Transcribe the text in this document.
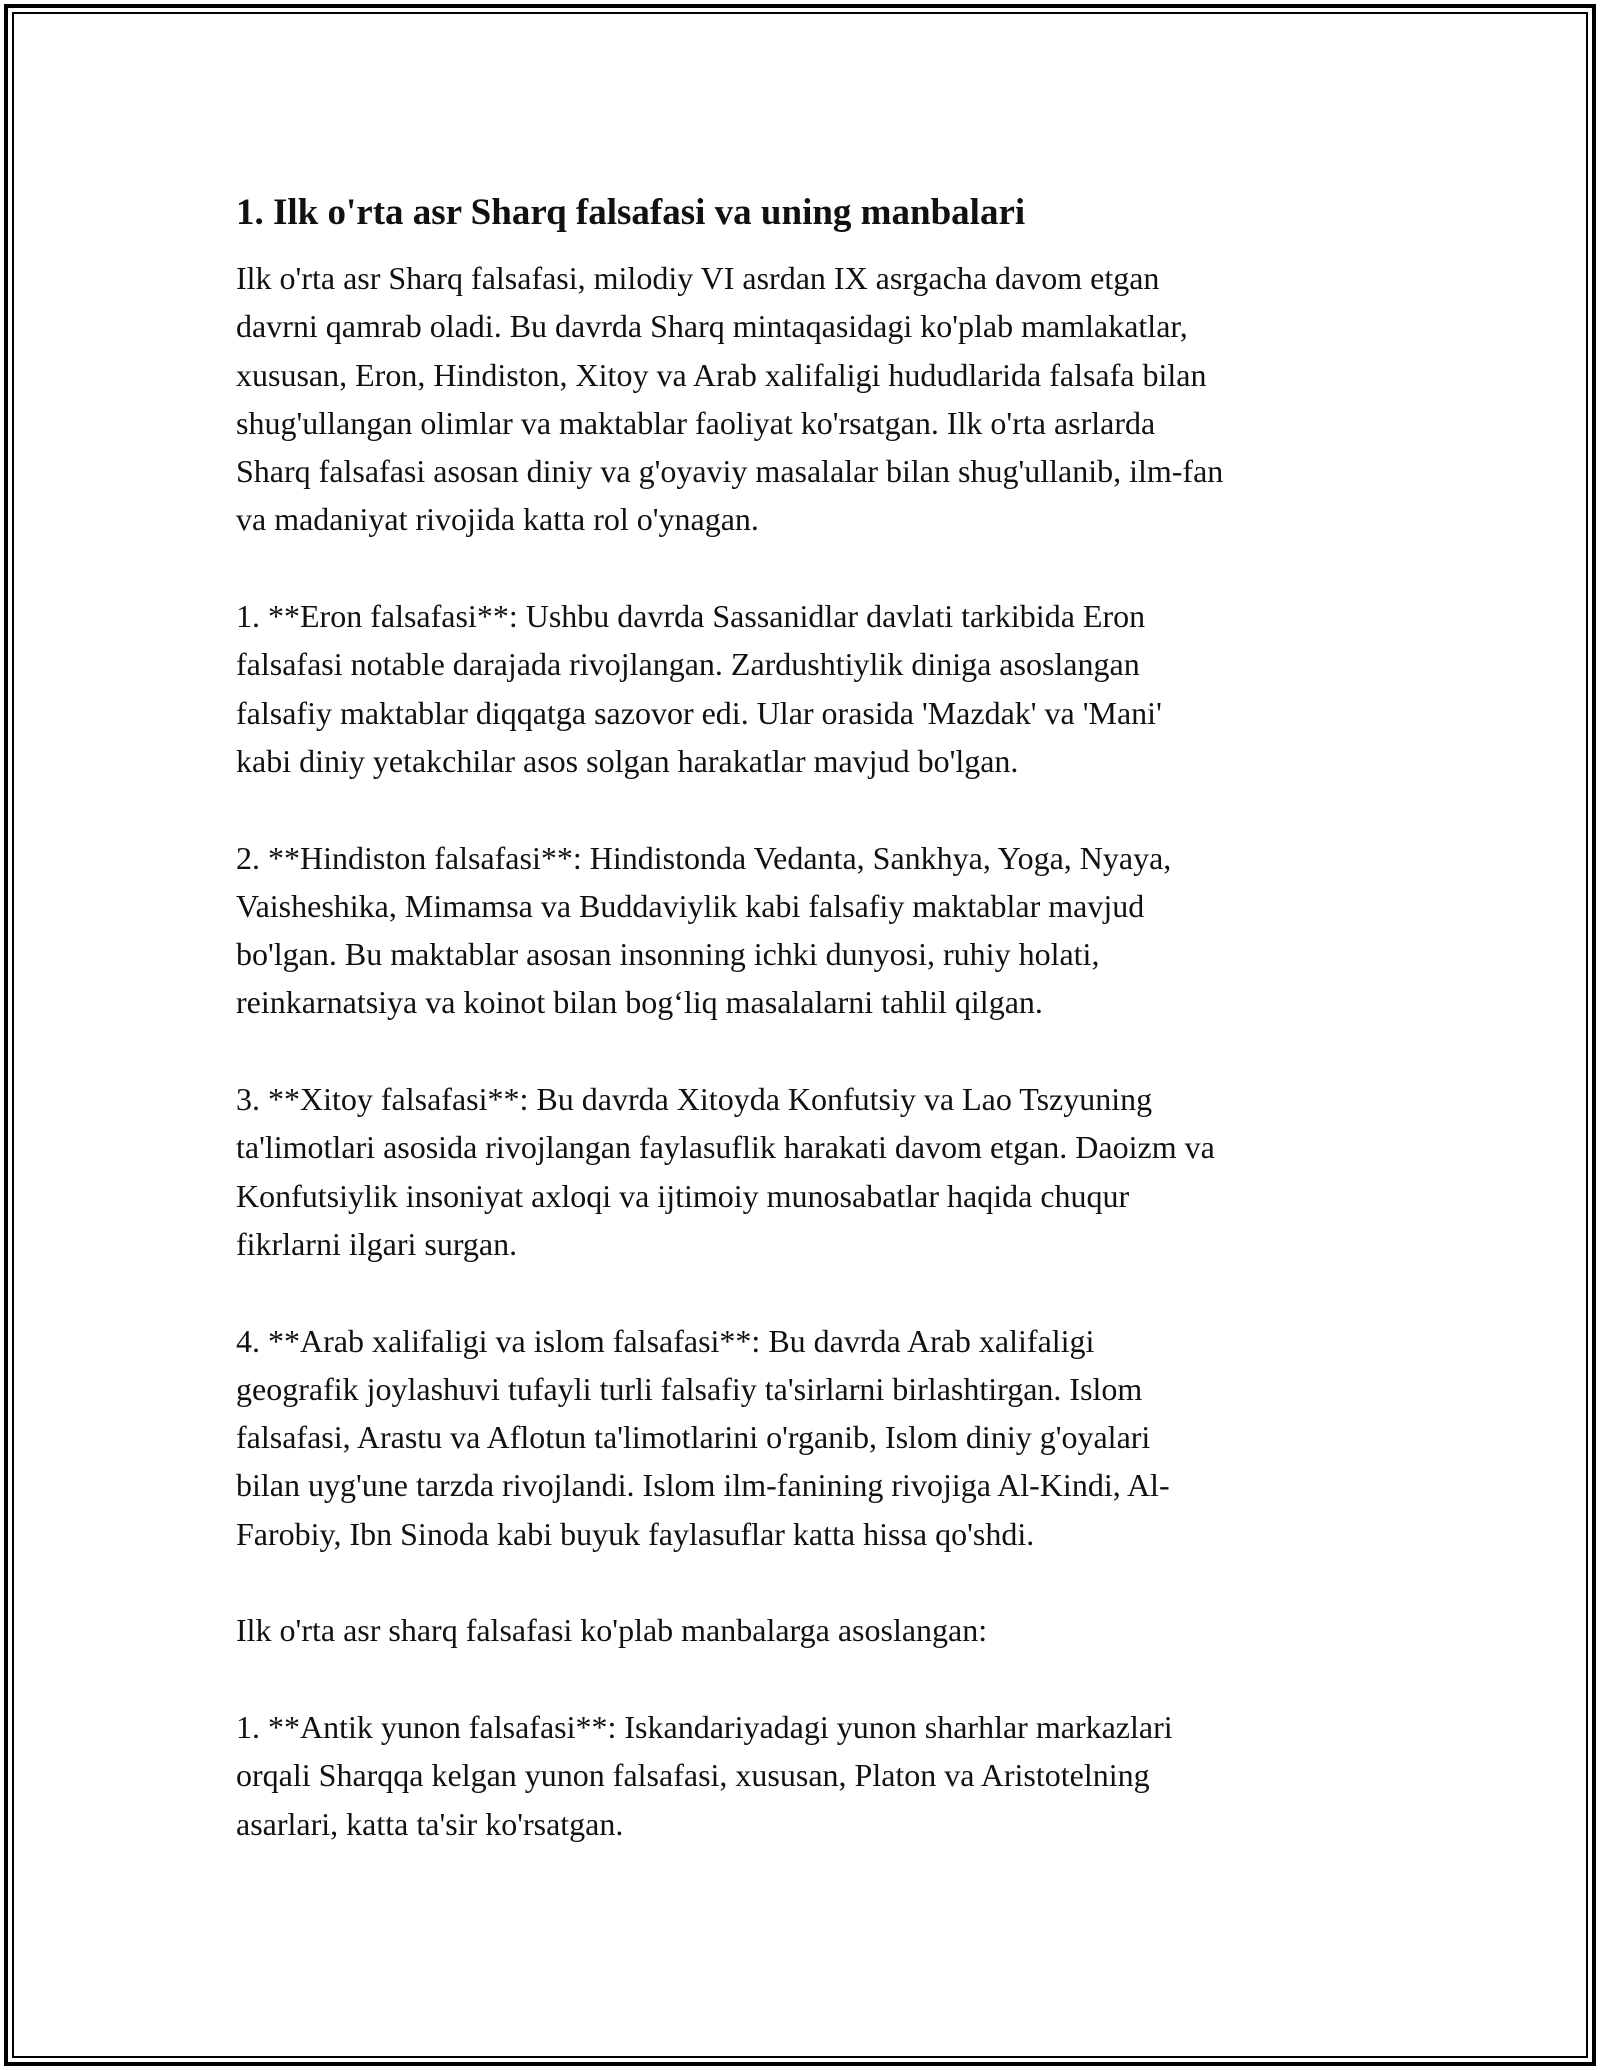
1. Ilk o'rta asr Sharq falsafasi va uning manbalari

Ilk o'rta asr Sharq falsafasi, milodiy VI asrdan IX asrgacha davom etgan
davrni qamrab oladi. Bu davrda Sharq mintaqasidagi ko'plab mamlakatlar,
xususan, Eron, Hindiston, Xitoy va Arab xalifaligi hududlarida falsafa bilan
shug'ullangan olimlar va maktablar faoliyat ko'rsatgan. Ilk o'rta asrlarda
Sharq falsafasi asosan diniy va g'oyaviy masalalar bilan shug'ullanib, ilm-fan
va madaniyat rivojida katta rol o'ynagan.

1. **Eron falsafasi**: Ushbu davrda Sassanidlar davlati tarkibida Eron
falsafasi notable darajada rivojlangan. Zardushtiylik diniga asoslangan
falsafiy maktablar diqqatga sazovor edi. Ular orasida 'Mazdak' va 'Mani'
kabi diniy yetakchilar asos solgan harakatlar mavjud bo'lgan.

2. **Hindiston falsafasi**: Hindistonda Vedanta, Sankhya, Yoga, Nyaya,
Vaisheshika, Mimamsa va Buddaviylik kabi falsafiy maktablar mavjud
bo'lgan. Bu maktablar asosan insonning ichki dunyosi, ruhiy holati,
reinkarnatsiya va koinot bilan bog‘liq masalalarni tahlil qilgan.

3. **Xitoy falsafasi**: Bu davrda Xitoyda Konfutsiy va Lao Tszyuning
ta'limotlari asosida rivojlangan faylasuflik harakati davom etgan. Daoizm va
Konfutsiylik insoniyat axloqi va ijtimoiy munosabatlar haqida chuqur
fikrlarni ilgari surgan.

4. **Arab xalifaligi va islom falsafasi**: Bu davrda Arab xalifaligi
geografik joylashuvi tufayli turli falsafiy ta'sirlarni birlashtirgan. Islom
falsafasi, Arastu va Aflotun ta'limotlarini o'rganib, Islom diniy g'oyalari
bilan uyg'une tarzda rivojlandi. Islom ilm-fanining rivojiga Al-Kindi, Al-
Farobiy, Ibn Sinoda kabi buyuk faylasuflar katta hissa qo'shdi.

Ilk o'rta asr sharq falsafasi ko'plab manbalarga asoslangan:

1. **Antik yunon falsafasi**: Iskandariyadagi yunon sharhlar markazlari
orqali Sharqqa kelgan yunon falsafasi, xususan, Platon va Aristotelning
asarlari, katta ta'sir ko'rsatgan.
